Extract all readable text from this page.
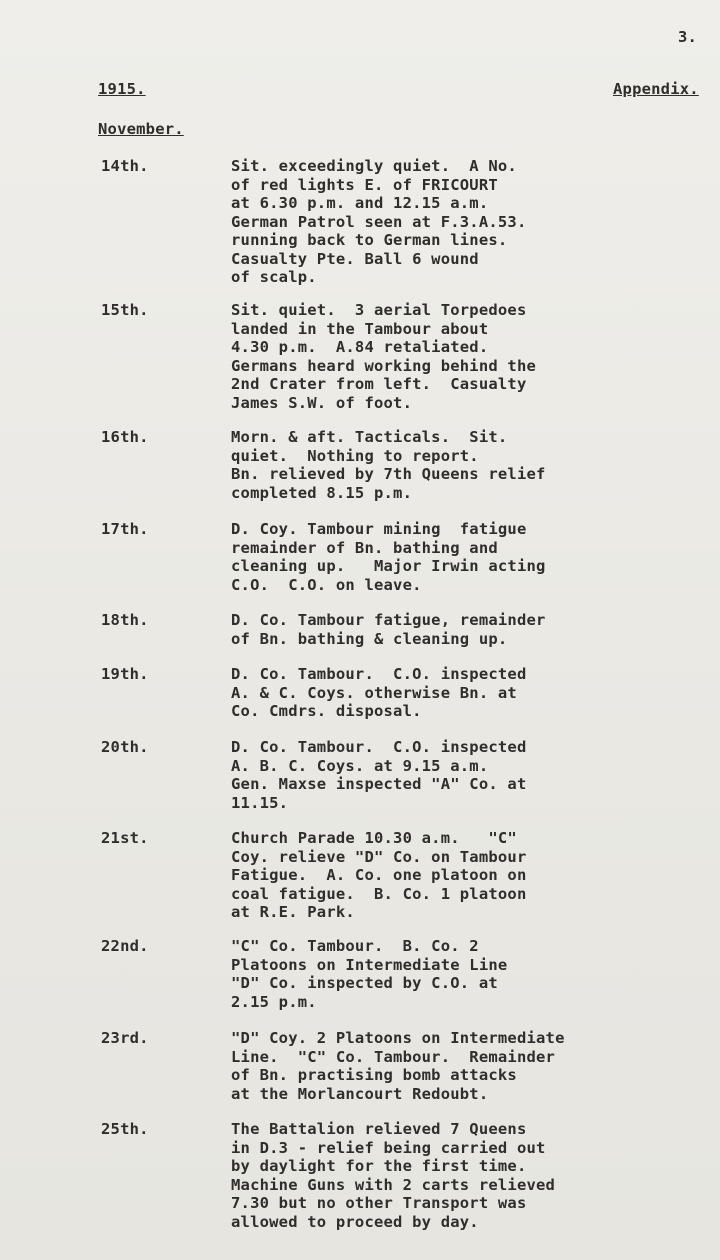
3.
1915.	Appendix.
November.
14th.	Sit. exceedingly quiet.  A No.
of red lights E. of FRICOURT
at 6.30 p.m. and 12.15 a.m.
German Patrol seen at F.3.A.53.
running back to German lines.
Casualty Pte. Ball 6 wound
of scalp.
15th.	Sit. quiet.  3 aerial Torpedoes
landed in the Tambour about
4.30 p.m.  A.84 retaliated.
Germans heard working behind the
2nd Crater from left.  Casualty
James S.W. of foot.
16th.	Morn. & aft. Tacticals.  Sit.
quiet.  Nothing to report.
Bn. relieved by 7th Queens relief
completed 8.15 p.m.
17th.	D. Coy. Tambour mining  fatigue
remainder of Bn. bathing and
cleaning up.   Major Irwin acting
C.O.  C.O. on leave.
18th.	D. Co. Tambour fatigue, remainder
of Bn. bathing & cleaning up.
19th.	D. Co. Tambour.  C.O. inspected
A. & C. Coys. otherwise Bn. at
Co. Cmdrs. disposal.
20th.	D. Co. Tambour.  C.O. inspected
A. B. C. Coys. at 9.15 a.m.
Gen. Maxse inspected "A" Co. at
11.15.
21st.	Church Parade 10.30 a.m.   "C"
Coy. relieve "D" Co. on Tambour
Fatigue.  A. Co. one platoon on
coal fatigue.  B. Co. 1 platoon
at R.E. Park.
22nd.	"C" Co. Tambour.  B. Co. 2
Platoons on Intermediate Line
"D" Co. inspected by C.O. at
2.15 p.m.
23rd.	"D" Coy. 2 Platoons on Intermediate
Line.  "C" Co. Tambour.  Remainder
of Bn. practising bomb attacks
at the Morlancourt Redoubt.
25th.	The Battalion relieved 7 Queens
in D.3 - relief being carried out
by daylight for the first time.
Machine Guns with 2 carts relieved
7.30 but no other Transport was
allowed to proceed by day.
